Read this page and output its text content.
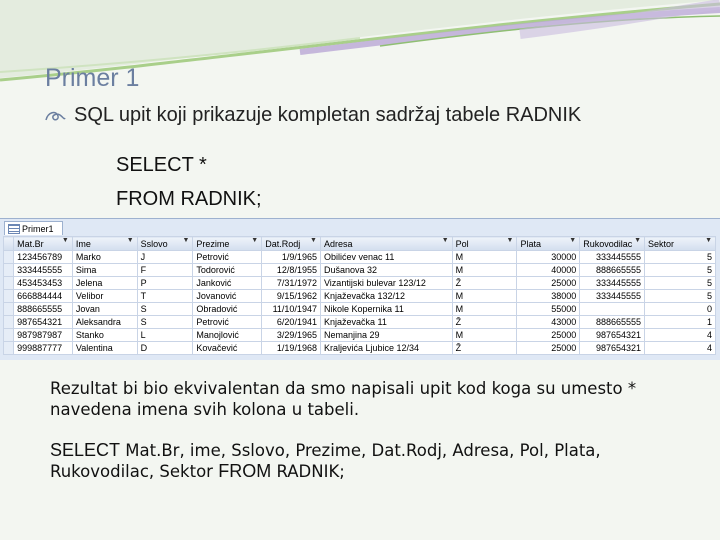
Primer 1
SQL upit koji prikazuje kompletan sadržaj tabele RADNIK
SELECT *
FROM RADNIK;
Primer1
	Mat.Br ▼	Ime ▼	Sslovo ▼	Prezime ▼	Dat.Rodj ▼	Adresa ▼	Pol ▼	Plata ▼	Rukovodilac ▼	Sektor ▼

	123456789	Marko	J	Petrović	1/9/1965	Obilićev venac 11	M	30000	333445555	5
	333445555	Sima	F	Todorović	12/8/1955	Dušanova 32	M	40000	888665555	5
	453453453	Jelena	P	Janković	7/31/1972	Vizantijski bulevar 123/12	Ž	25000	333445555	5
	666884444	Velibor	T	Jovanović	9/15/1962	Knjaževačka 132/12	M	38000	333445555	5
	888665555	Jovan	S	Obradović	11/10/1947	Nikole Kopernika 11	M	55000		0
	987654321	Aleksandra	S	Petrović	6/20/1941	Knjaževačka 11	Ž	43000	888665555	1
	987987987	Stanko	L	Manojlović	3/29/1965	Nemanjina 29	M	25000	987654321	4
	999887777	Valentina	D	Kovačević	1/19/1968	Kraljevića Ljubice 12/34	Ž	25000	987654321	4

Rezultat bi bio ekvivalentan da smo napisali upit kod koga su umesto * navedena imena svih kolona u tabeli.

SELECT Mat.Br, ime, Sslovo, Prezime, Dat.Rodj, Adresa, Pol, Plata, Rukovodilac, Sektor FROM RADNIK;
